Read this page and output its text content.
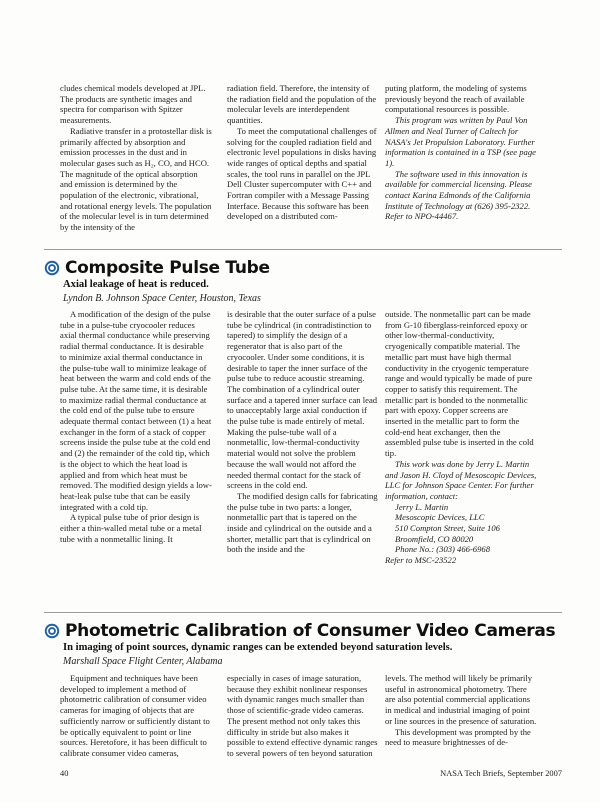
cludes chemical models developed at JPL. The products are synthetic images and spectra for comparison with Spitzer measurements.

Radiative transfer in a protostellar disk is primarily affected by absorption and emission processes in the dust and in molecular gases such as H₂, CO, and HCO. The magnitude of the optical absorption and emission is determined by the population of the electronic, vibrational, and rotational energy levels. The population of the molecular level is in turn determined by the intensity of the

radiation field. Therefore, the intensity of the radiation field and the population of the molecular levels are interdependent quantities.

To meet the computational challenges of solving for the coupled radiation field and electronic level populations in disks having wide ranges of optical depths and spatial scales, the tool runs in parallel on the JPL Dell Cluster supercomputer with C++ and Fortran compiler with a Message Passing Interface. Because this software has been developed on a distributed com-

puting platform, the modeling of systems previously beyond the reach of available computational resources is possible.

This program was written by Paul Von Allmen and Neal Turner of Caltech for NASA's Jet Propulsion Laboratory. Further information is contained in a TSP (see page 1).

The software used in this innovation is available for commercial licensing. Please contact Karina Edmonds of the California Institute of Technology at (626) 395-2322. Refer to NPO-44467.

Composite Pulse Tube
Axial leakage of heat is reduced.
Lyndon B. Johnson Space Center, Houston, Texas

A modification of the design of the pulse tube in a pulse-tube cryocooler reduces axial thermal conductance while preserving radial thermal conductance. It is desirable to minimize axial thermal conductance in the pulse-tube wall to minimize leakage of heat between the warm and cold ends of the pulse tube. At the same time, it is desirable to maximize radial thermal conductance at the cold end of the pulse tube to ensure adequate thermal contact between (1) a heat exchanger in the form of a stack of copper screens inside the pulse tube at the cold end and (2) the remainder of the cold tip, which is the object to which the heat load is applied and from which heat must be removed. The modified design yields a low-heat-leak pulse tube that can be easily integrated with a cold tip.

A typical pulse tube of prior design is either a thin-walled metal tube or a metal tube with a nonmetallic lining. It

is desirable that the outer surface of a pulse tube be cylindrical (in contradistinction to tapered) to simplify the design of a regenerator that is also part of the cryocooler. Under some conditions, it is desirable to taper the inner surface of the pulse tube to reduce acoustic streaming. The combination of a cylindrical outer surface and a tapered inner surface can lead to unacceptably large axial conduction if the pulse tube is made entirely of metal. Making the pulse-tube wall of a nonmetallic, low-thermal-conductivity material would not solve the problem because the wall would not afford the needed thermal contact for the stack of screens in the cold end.

The modified design calls for fabricating the pulse tube in two parts: a longer, nonmetallic part that is tapered on the inside and cylindrical on the outside and a shorter, metallic part that is cylindrical on both the inside and the

outside. The nonmetallic part can be made from G-10 fiberglass-reinforced epoxy or other low-thermal-conductivity, cryogenically compatible material. The metallic part must have high thermal conductivity in the cryogenic temperature range and would typically be made of pure copper to satisfy this requirement. The metallic part is bonded to the nonmetallic part with epoxy. Copper screens are inserted in the metallic part to form the cold-end heat exchanger, then the assembled pulse tube is inserted in the cold tip.

This work was done by Jerry L. Martin and Jason H. Cloyd of Mesoscopic Devices, LLC for Johnson Space Center. For further information, contact:

Jerry L. Martin

Mesoscopic Devices, LLC

510 Compton Street, Suite 106

Broomfield, CO 80020

Phone No.: (303) 466-6968

Refer to MSC-23522

Photometric Calibration of Consumer Video Cameras
In imaging of point sources, dynamic ranges can be extended beyond saturation levels.
Marshall Space Flight Center, Alabama

Equipment and techniques have been developed to implement a method of photometric calibration of consumer video cameras for imaging of objects that are sufficiently narrow or sufficiently distant to be optically equivalent to point or line sources. Heretofore, it has been difficult to calibrate consumer video cameras,

especially in cases of image saturation, because they exhibit nonlinear responses with dynamic ranges much smaller than those of scientific-grade video cameras. The present method not only takes this difficulty in stride but also makes it possible to extend effective dynamic ranges to several powers of ten beyond saturation

levels. The method will likely be primarily useful in astronomical photometry. There are also potential commercial applications in medical and industrial imaging of point or line sources in the presence of saturation.

This development was prompted by the need to measure brightnesses of de-

40	NASA Tech Briefs, September 2007
